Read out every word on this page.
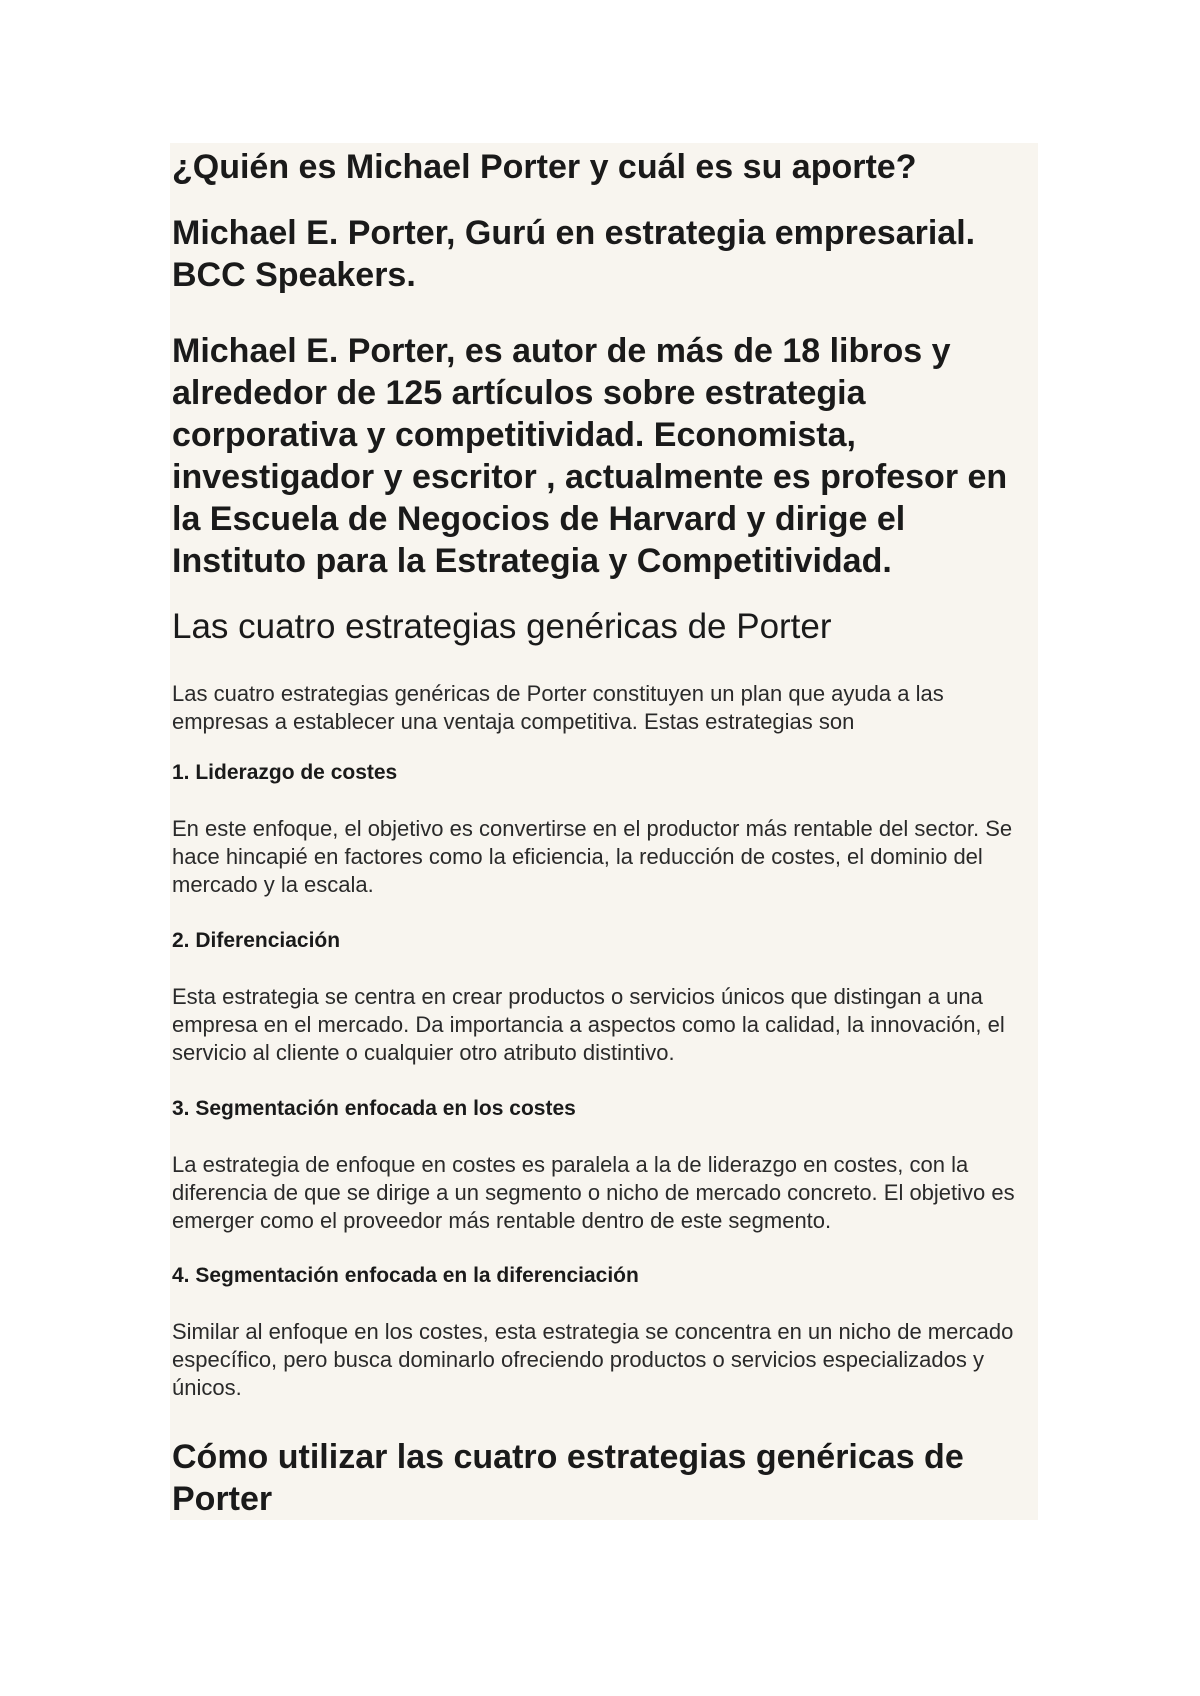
¿Quién es Michael Porter y cuál es su aporte?
Michael E. Porter, Gurú en estrategia empresarial. BCC Speakers.
Michael E. Porter, es autor de más de 18 libros y alrededor de 125 artículos sobre estrategia corporativa y competitividad. Economista, investigador y escritor , actualmente es profesor en la Escuela de Negocios de Harvard y dirige el Instituto para la Estrategia y Competitividad.
Las cuatro estrategias genéricas de Porter

Las cuatro estrategias genéricas de Porter constituyen un plan que ayuda a las empresas a establecer una ventaja competitiva. Estas estrategias son

1. Liderazgo de costes

En este enfoque, el objetivo es convertirse en el productor más rentable del sector. Se hace hincapié en factores como la eficiencia, la reducción de costes, el dominio del mercado y la escala.

2. Diferenciación

Esta estrategia se centra en crear productos o servicios únicos que distingan a una empresa en el mercado. Da importancia a aspectos como la calidad, la innovación, el servicio al cliente o cualquier otro atributo distintivo.

3. Segmentación enfocada en los costes

La estrategia de enfoque en costes es paralela a la de liderazgo en costes, con la diferencia de que se dirige a un segmento o nicho de mercado concreto. El objetivo es emerger como el proveedor más rentable dentro de este segmento.

4. Segmentación enfocada en la diferenciación

Similar al enfoque en los costes, esta estrategia se concentra en un nicho de mercado específico, pero busca dominarlo ofreciendo productos o servicios especializados y únicos.

Cómo utilizar las cuatro estrategias genéricas de Porter
